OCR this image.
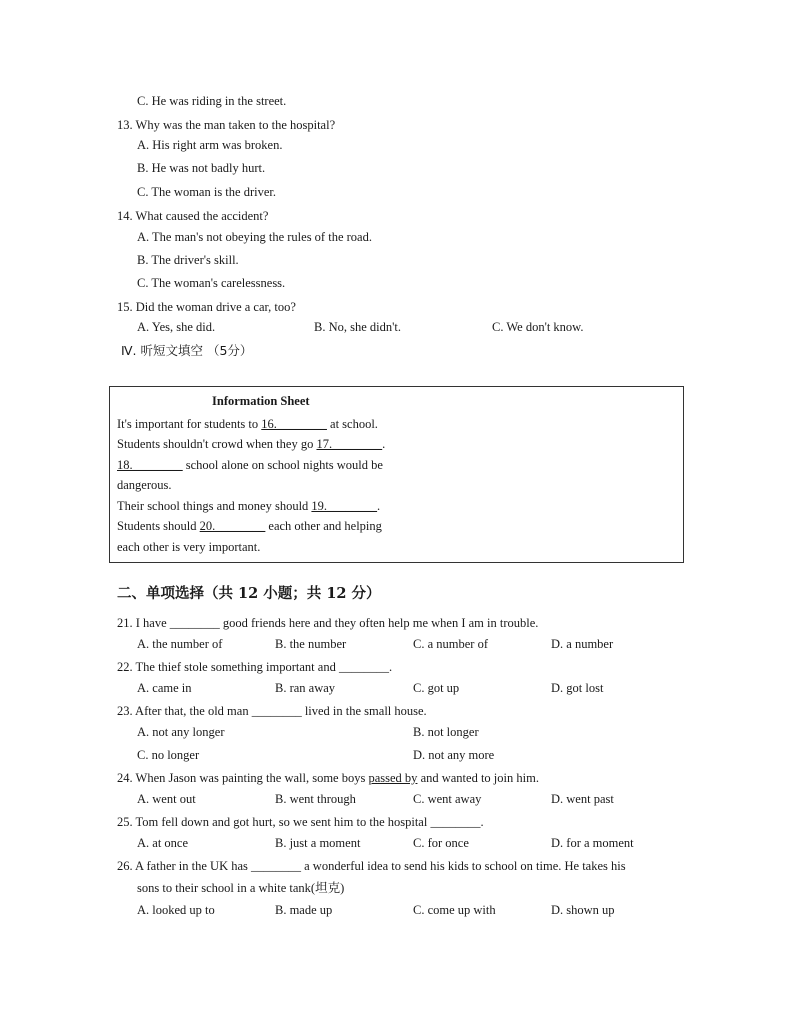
C. He was riding in the street.
13. Why was the man taken to the hospital?
A. His right arm was broken.
B. He was not badly hurt.
C. The woman is the driver.
14. What caused the accident?
A. The man's not obeying the rules of the road.
B. The driver's skill.
C. The woman's carelessness.
15. Did the woman drive a car, too?
A. Yes, she did.	B. No, she didn't.	C. We don't know.
Ⅳ. 听短文填空 （5分）
Information Sheet
It's important for students to 16.________ at school.
Students shouldn't crowd when they go 17.________.
18.________ school alone on school nights would be
dangerous.
Their school things and money should 19.________.
Students should 20.________ each other and helping
each other is very important.
二、单项选择（共 12 小题；共 12 分）
21. I have ________ good friends here and they often help me when I am in trouble.
A. the number of	B. the number	C. a number of	D. a number
22. The thief stole something important and ________.
A. came in	B. ran away	C. got up	D. got lost
23. After that, the old man ________ lived in the small house.
A. not any longer	B. not longer
C. no longer	D. not any more
24. When Jason was painting the wall, some boys passed by and wanted to join him.
A. went out	B. went through	C. went away	D. went past
25. Tom fell down and got hurt, so we sent him to the hospital ________.
A. at once	B. just a moment	C. for once	D. for a moment
26. A father in the UK has ________ a wonderful idea to send his kids to school on time. He takes his
sons to their school in a white tank(坦克)
A. looked up to	B. made up	C. come up with	D. shown up
